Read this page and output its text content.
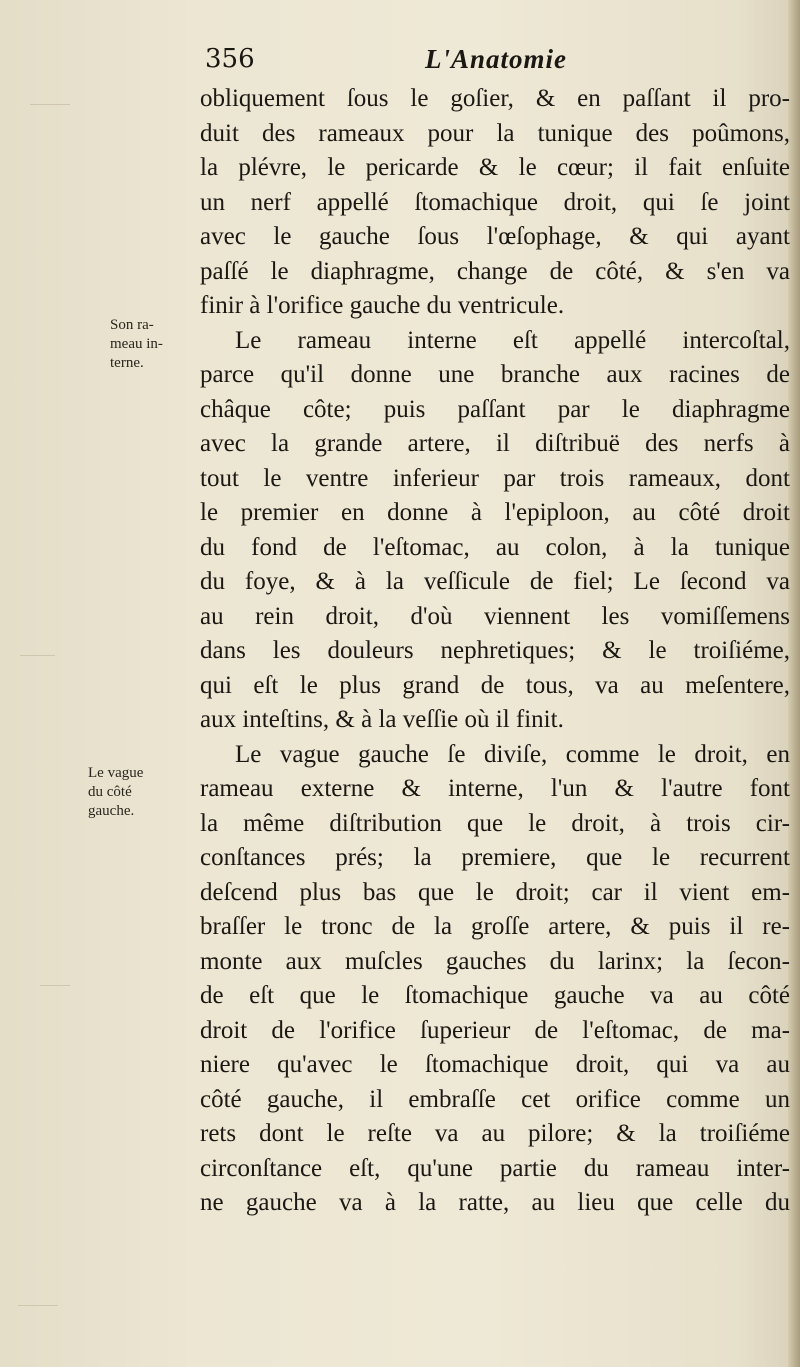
356	L'Anatomie
Son ra-
meau in-
terne.
Le vague
du côté
gauche.
obliquement ſous le goſier, & en paſſant il pro-
duit des rameaux pour la tunique des poûmons,
la plévre, le pericarde & le cœur; il fait enſuite
un nerf appellé ſtomachique droit, qui ſe joint
avec le gauche ſous l'œſophage, & qui ayant
paſſé le diaphragme, change de côté, & s'en va
finir à l'orifice gauche du ventricule.
Le rameau interne eſt appellé intercoſtal,
parce qu'il donne une branche aux racines de
châque côte; puis paſſant par le diaphragme
avec la grande artere, il diſtribuë des nerfs à
tout le ventre inferieur par trois rameaux, dont
le premier en donne à l'epiploon, au côté droit
du fond de l'eſtomac, au colon, à la tunique
du foye, & à la veſſicule de fiel; Le ſecond va
au rein droit, d'où viennent les vomiſſemens
dans les douleurs nephretiques; & le troiſiéme,
qui eſt le plus grand de tous, va au meſentere,
aux inteſtins, & à la veſſie où il finit.
Le vague gauche ſe diviſe, comme le droit, en
rameau externe & interne, l'un & l'autre font
la même diſtribution que le droit, à trois cir-
conſtances prés; la premiere, que le recurrent
deſcend plus bas que le droit; car il vient em-
braſſer le tronc de la groſſe artere, & puis il re-
monte aux muſcles gauches du larinx; la ſecon-
de eſt que le ſtomachique gauche va au côté
droit de l'orifice ſuperieur de l'eſtomac, de ma-
niere qu'avec le ſtomachique droit, qui va au
côté gauche, il embraſſe cet orifice comme un
rets dont le reſte va au pilore; & la troiſiéme
circonſtance eſt, qu'une partie du rameau inter-
ne gauche va à la ratte, au lieu que celle du
